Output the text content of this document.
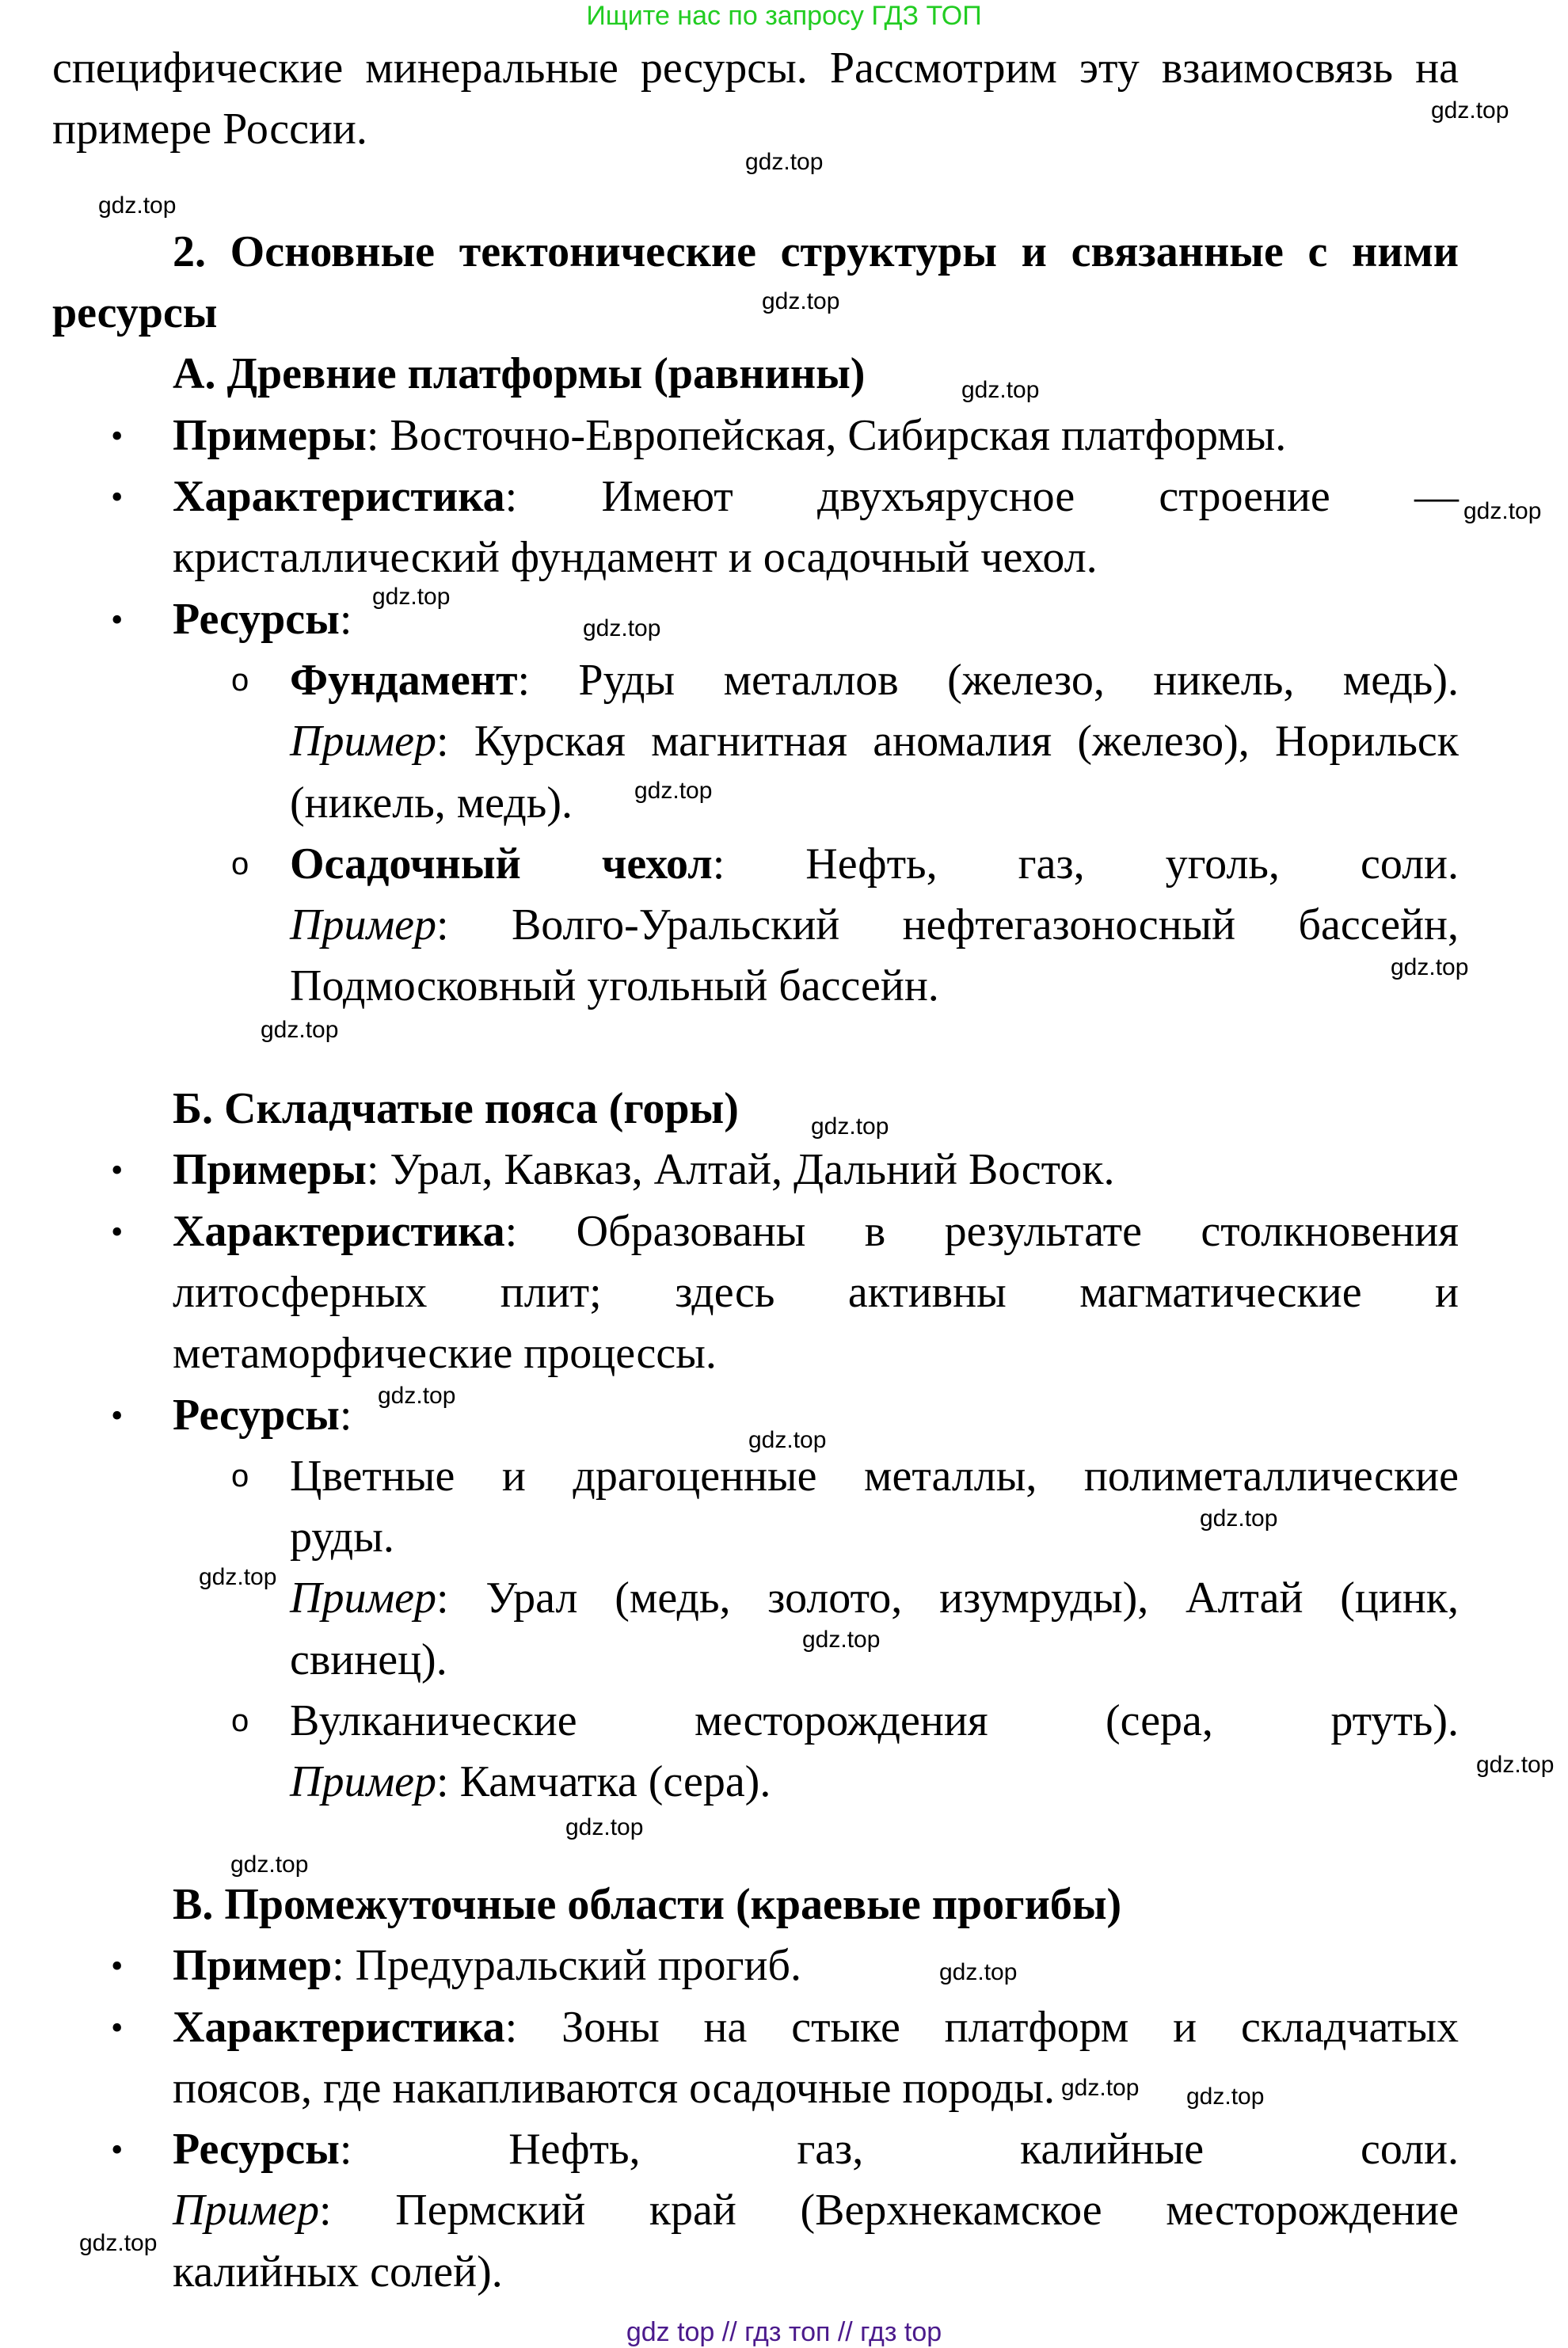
Ищите нас по запросу ГДЗ ТОП
специфические минеральные ресурсы. Рассмотрим эту взаимосвязь на
примере России.
2. Основные тектонические структуры и связанные с ними
ресурсы
А. Древние платформы (равнины)
• Примеры: Восточно-Европейская, Сибирская платформы.
• Характеристика: Имеют двухъярусное строение —
кристаллический фундамент и осадочный чехол.
• Ресурсы:
o Фундамент: Руды металлов (железо, никель, медь).
Пример: Курская магнитная аномалия (железо), Норильск
(никель, медь).
o Осадочный чехол: Нефть, газ, уголь, соли.
Пример: Волго-Уральский нефтегазоносный бассейн,
Подмосковный угольный бассейн.
Б. Складчатые пояса (горы)
• Примеры: Урал, Кавказ, Алтай, Дальний Восток.
• Характеристика: Образованы в результате столкновения
литосферных плит; здесь активны магматические и
метаморфические процессы.
• Ресурсы:
o Цветные и драгоценные металлы, полиметаллические
руды.
Пример: Урал (медь, золото, изумруды), Алтай (цинк,
свинец).
o Вулканические месторождения (сера, ртуть).
Пример: Камчатка (сера).
В. Промежуточные области (краевые прогибы)
• Пример: Предуральский прогиб.
• Характеристика: Зоны на стыке платформ и складчатых
поясов, где накапливаются осадочные породы.
• Ресурсы: Нефть, газ, калийные соли.
Пример: Пермский край (Верхнекамское месторождение
калийных солей).
gdz.top
gdz.top
gdz.top
gdz.top
gdz.top
gdz.top
gdz.top
gdz.top
gdz.top
gdz.top
gdz.top
gdz.top
gdz.top
gdz.top
gdz.top
gdz.top
gdz.top
gdz.top
gdz.top
gdz.top
gdz.top
gdz.top gdz.top
gdz.top
gdz top // гдз топ // гдз top
